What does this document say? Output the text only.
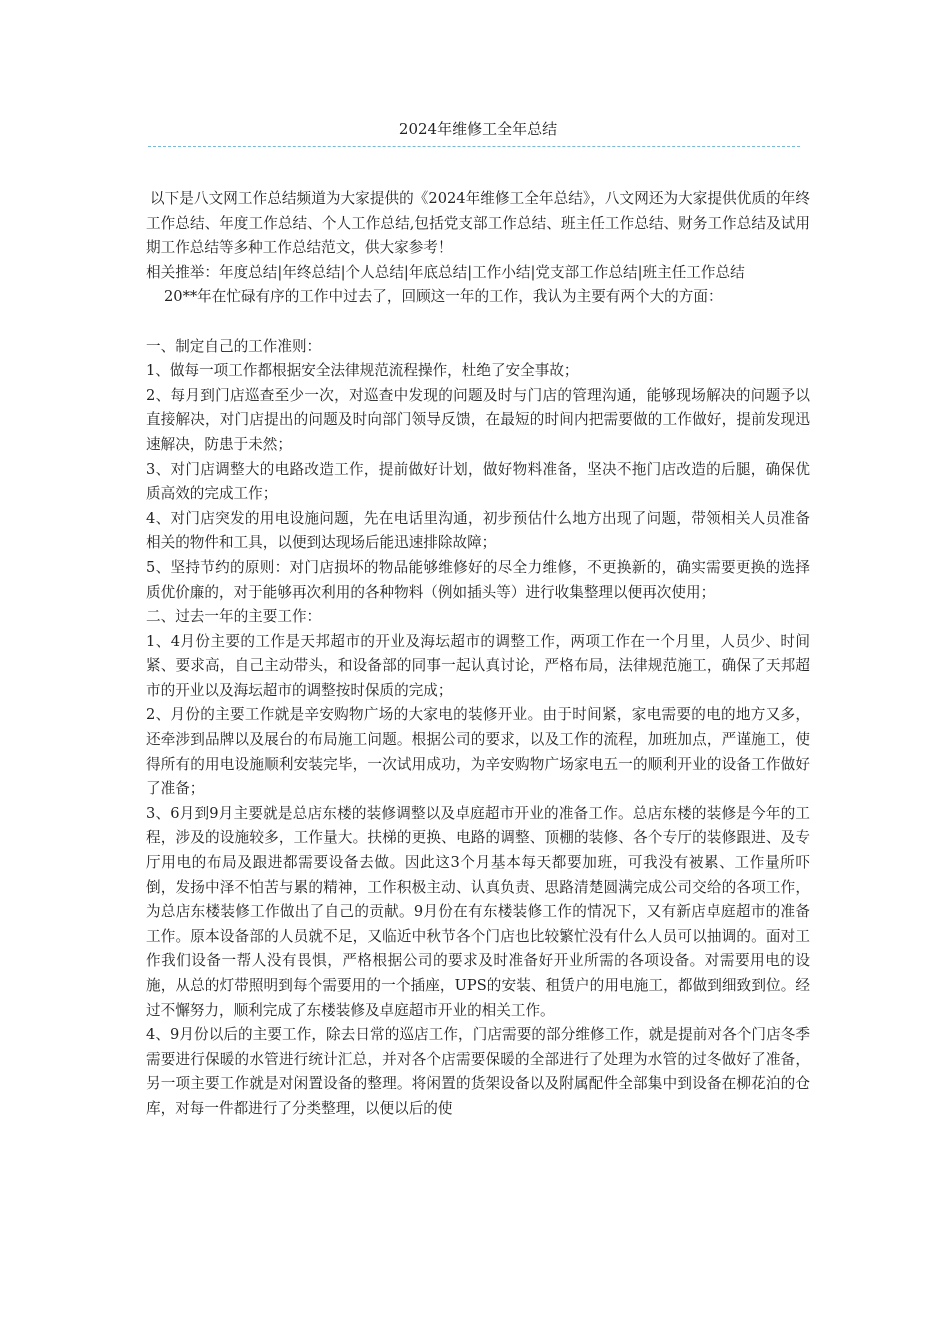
2024年维修工全年总结

以下是八文网工作总结频道为大家提供的《2024年维修工全年总结》，八文网还为大家提供优质的年终工作总结、年度工作总结、个人工作总结,包括党支部工作总结、班主任工作总结、财务工作总结及试用期工作总结等多种工作总结范文，供大家参考！

相关推举：年度总结|年终总结|个人总结|年底总结|工作小结|党支部工作总结|班主任工作总结

20**年在忙碌有序的工作中过去了，回顾这一年的工作，我认为主要有两个大的方面：

一、制定自己的工作准则：

1、做每一项工作都根据安全法律规范流程操作，杜绝了安全事故；

2、每月到门店巡查至少一次，对巡查中发现的问题及时与门店的管理沟通，能够现场解决的问题予以直接解决，对门店提出的问题及时向部门领导反馈，在最短的时间内把需要做的工作做好，提前发现迅速解决，防患于未然；

3、对门店调整大的电路改造工作，提前做好计划，做好物料准备，坚决不拖门店改造的后腿，确保优质高效的完成工作；

4、对门店突发的用电设施问题，先在电话里沟通，初步预估什么地方出现了问题，带领相关人员准备相关的物件和工具，以便到达现场后能迅速排除故障；

5、坚持节约的原则：对门店损坏的物品能够维修好的尽全力维修，不更换新的，确实需要更换的选择质优价廉的，对于能够再次利用的各种物料（例如插头等）进行收集整理以便再次使用；

二、过去一年的主要工作：

1、4月份主要的工作是天邦超市的开业及海坛超市的调整工作，两项工作在一个月里，人员少、时间紧、要求高，自己主动带头，和设备部的同事一起认真讨论，严格布局，法律规范施工，确保了天邦超市的开业以及海坛超市的调整按时保质的完成；

2、月份的主要工作就是辛安购物广场的大家电的装修开业。由于时间紧，家电需要的电的地方又多，还牵涉到品牌以及展台的布局施工问题。根据公司的要求，以及工作的流程，加班加点，严谨施工，使得所有的用电设施顺利安装完毕，一次试用成功，为辛安购物广场家电五一的顺利开业的设备工作做好了准备；

3、6月到9月主要就是总店东楼的装修调整以及卓庭超市开业的准备工作。总店东楼的装修是今年的工程，涉及的设施较多，工作量大。扶梯的更换、电路的调整、顶棚的装修、各个专厅的装修跟进、及专厅用电的布局及跟进都需要设备去做。因此这3个月基本每天都要加班，可我没有被累、工作量所吓倒，发扬中泽不怕苦与累的精神，工作积极主动、认真负责、思路清楚圆满完成公司交给的各项工作，为总店东楼装修工作做出了自己的贡献。9月份在有东楼装修工作的情况下，又有新店卓庭超市的准备工作。原本设备部的人员就不足，又临近中秋节各个门店也比较繁忙没有什么人员可以抽调的。面对工作我们设备一帮人没有畏惧，严格根据公司的要求及时准备好开业所需的各项设备。对需要用电的设施，从总的灯带照明到每个需要用的一个插座，UPS的安装、租赁户的用电施工，都做到细致到位。经过不懈努力，顺利完成了东楼装修及卓庭超市开业的相关工作。

4、9月份以后的主要工作，除去日常的巡店工作，门店需要的部分维修工作，就是提前对各个门店冬季需要进行保暖的水管进行统计汇总，并对各个店需要保暖的全部进行了处理为水管的过冬做好了准备，另一项主要工作就是对闲置设备的整理。将闲置的货架设备以及附属配件全部集中到设备在柳花泊的仓库，对每一件都进行了分类整理，以便以后的使
